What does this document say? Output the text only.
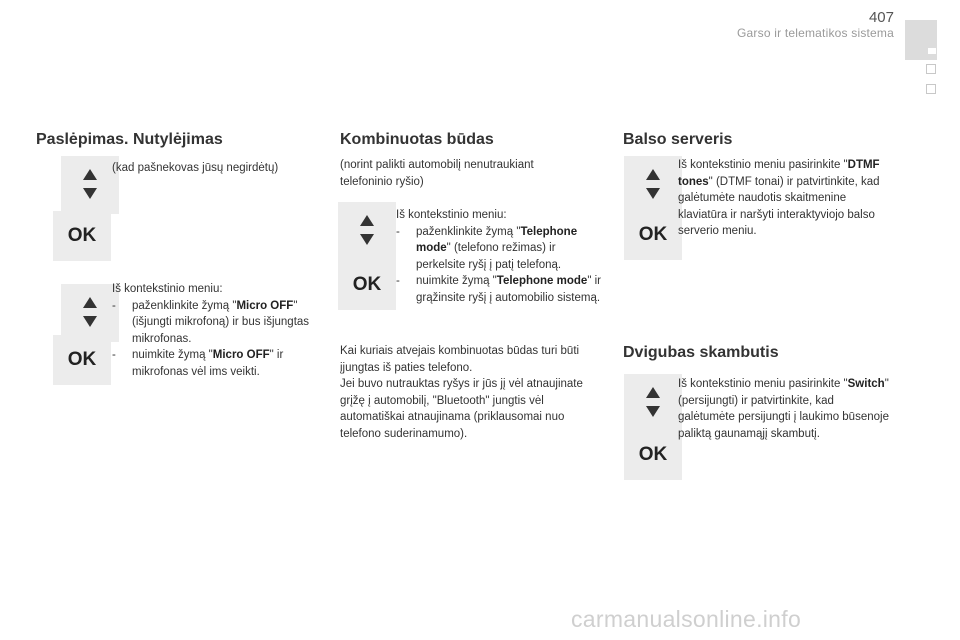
407
Garso ir telematikos sistema
Paslėpimas. Nutylėjimas
(kad pašnekovas jūsų negirdėtų)
OK
OK
Iš kontekstinio meniu:
- paženklinkite žymą "Micro OFF" (išjungti mikrofoną) ir bus išjungtas mikrofonas.
- nuimkite žymą "Micro OFF" ir mikrofonas vėl ims veikti.
Kombinuotas būdas
(norint palikti automobilį nenutraukiant telefoninio ryšio)
OK
Iš kontekstinio meniu:
- paženklinkite žymą "Telephone mode" (telefono režimas) ir perkelsite ryšį į patį telefoną.
- nuimkite žymą "Telephone mode" ir grąžinsite ryšį į automobilio sistemą.
Kai kuriais atvejais kombinuotas būdas turi būti įjungtas iš paties telefono.
Jei buvo nutrauktas ryšys ir jūs jį vėl atnaujinate grįžę į automobilį, "Bluetooth" jungtis vėl automatiškai atnaujinama (priklausomai nuo telefono suderinamumo).
Balso serveris
OK
Iš kontekstinio meniu pasirinkite "DTMF tones" (DTMF tonai) ir patvirtinkite, kad galėtumėte naudotis skaitmenine klaviatūra ir naršyti interaktyviojo balso serverio meniu.
Dvigubas skambutis
OK
Iš kontekstinio meniu pasirinkite "Switch" (persijungti) ir patvirtinkite, kad galėtumėte persijungti į laukimo būsenoje paliktą gaunamąjį skambutį.
carmanualsonline.info
